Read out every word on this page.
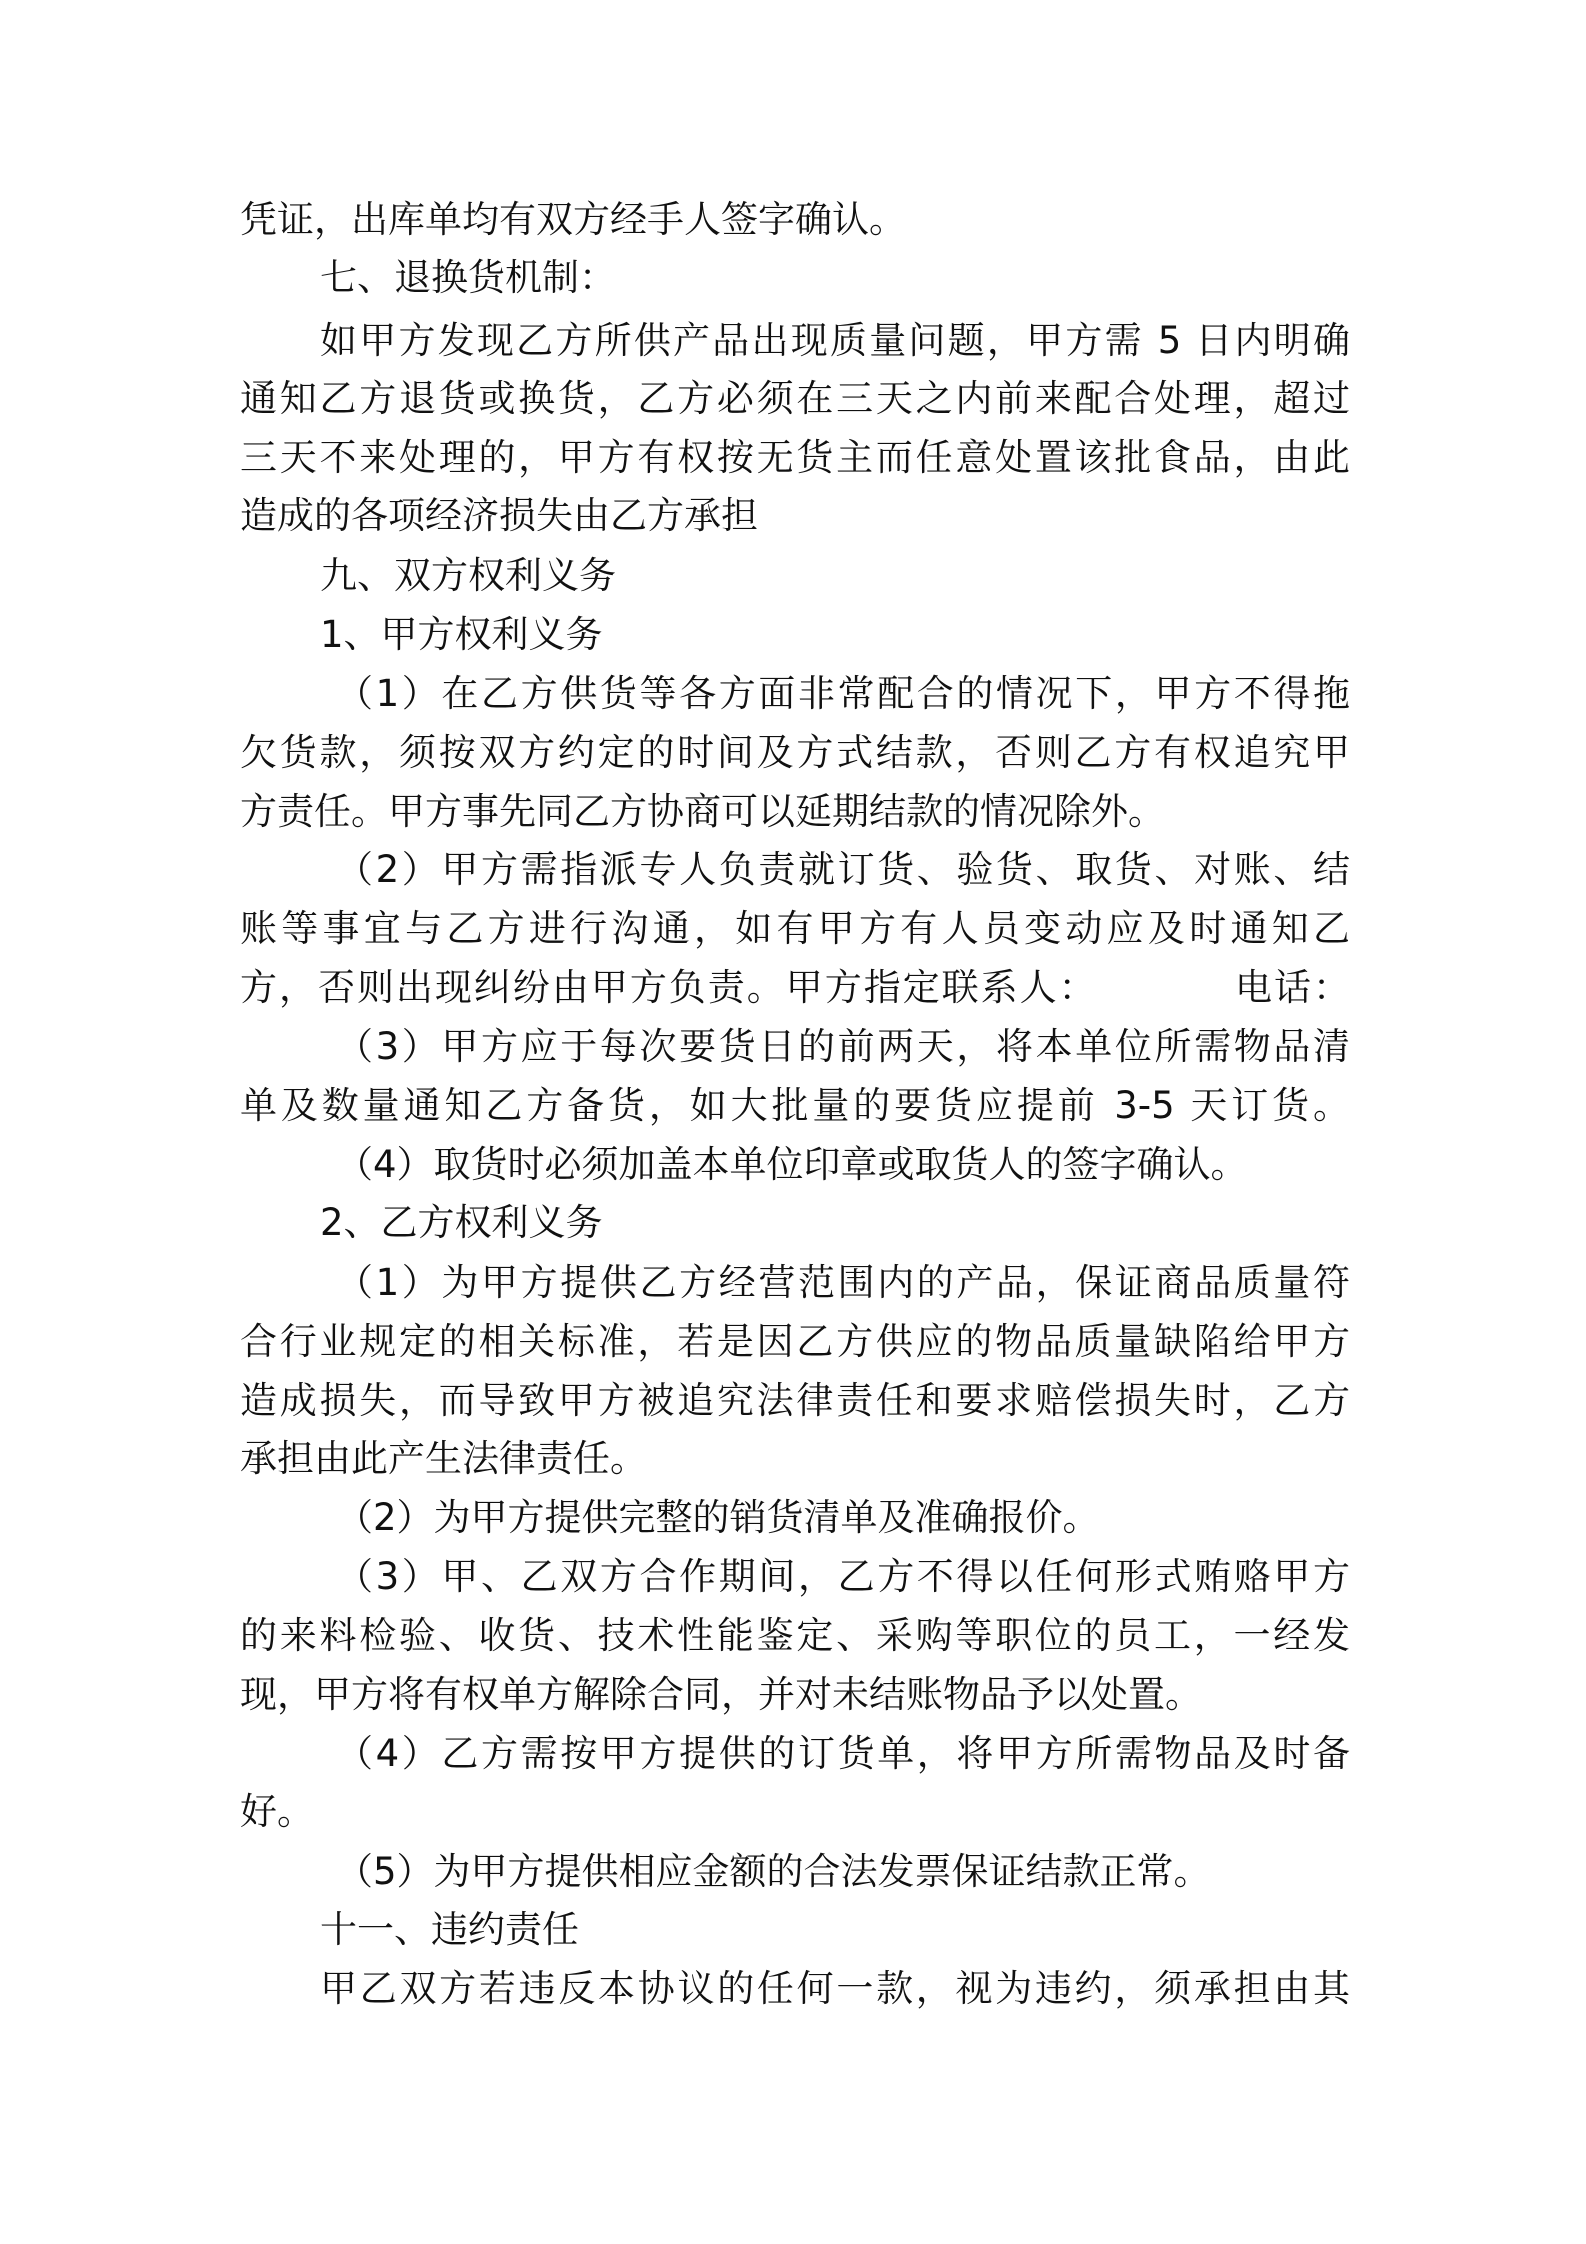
凭证，出库单均有双方经手人签字确认。
七、退换货机制：
如甲方发现乙方所供产品出现质量问题，甲方需 5 日内明确
通知乙方退货或换货，乙方必须在三天之内前来配合处理，超过
三天不来处理的，甲方有权按无货主而任意处置该批食品，由此
造成的各项经济损失由乙方承担
九、双方权利义务
1、甲方权利义务
（1）在乙方供货等各方面非常配合的情况下，甲方不得拖
欠货款，须按双方约定的时间及方式结款，否则乙方有权追究甲
方责任。甲方事先同乙方协商可以延期结款的情况除外。
（2）甲方需指派专人负责就订货、验货、取货、对账、结
账等事宜与乙方进行沟通，如有甲方有人员变动应及时通知乙
方，否则出现纠纷由甲方负责。甲方指定联系人：　　　　电话：
（3）甲方应于每次要货日的前两天，将本单位所需物品清
单及数量通知乙方备货，如大批量的要货应提前 3-5 天订货。
（4）取货时必须加盖本单位印章或取货人的签字确认。
2、乙方权利义务
（1）为甲方提供乙方经营范围内的产品，保证商品质量符
合行业规定的相关标准，若是因乙方供应的物品质量缺陷给甲方
造成损失，而导致甲方被追究法律责任和要求赔偿损失时，乙方
承担由此产生法律责任。
（2）为甲方提供完整的销货清单及准确报价。
（3）甲、乙双方合作期间，乙方不得以任何形式贿赂甲方
的来料检验、收货、技术性能鉴定、采购等职位的员工，一经发
现，甲方将有权单方解除合同，并对未结账物品予以处置。
（4）乙方需按甲方提供的订货单，将甲方所需物品及时备
好。
（5）为甲方提供相应金额的合法发票保证结款正常。
十一、违约责任
甲乙双方若违反本协议的任何一款，视为违约，须承担由其
